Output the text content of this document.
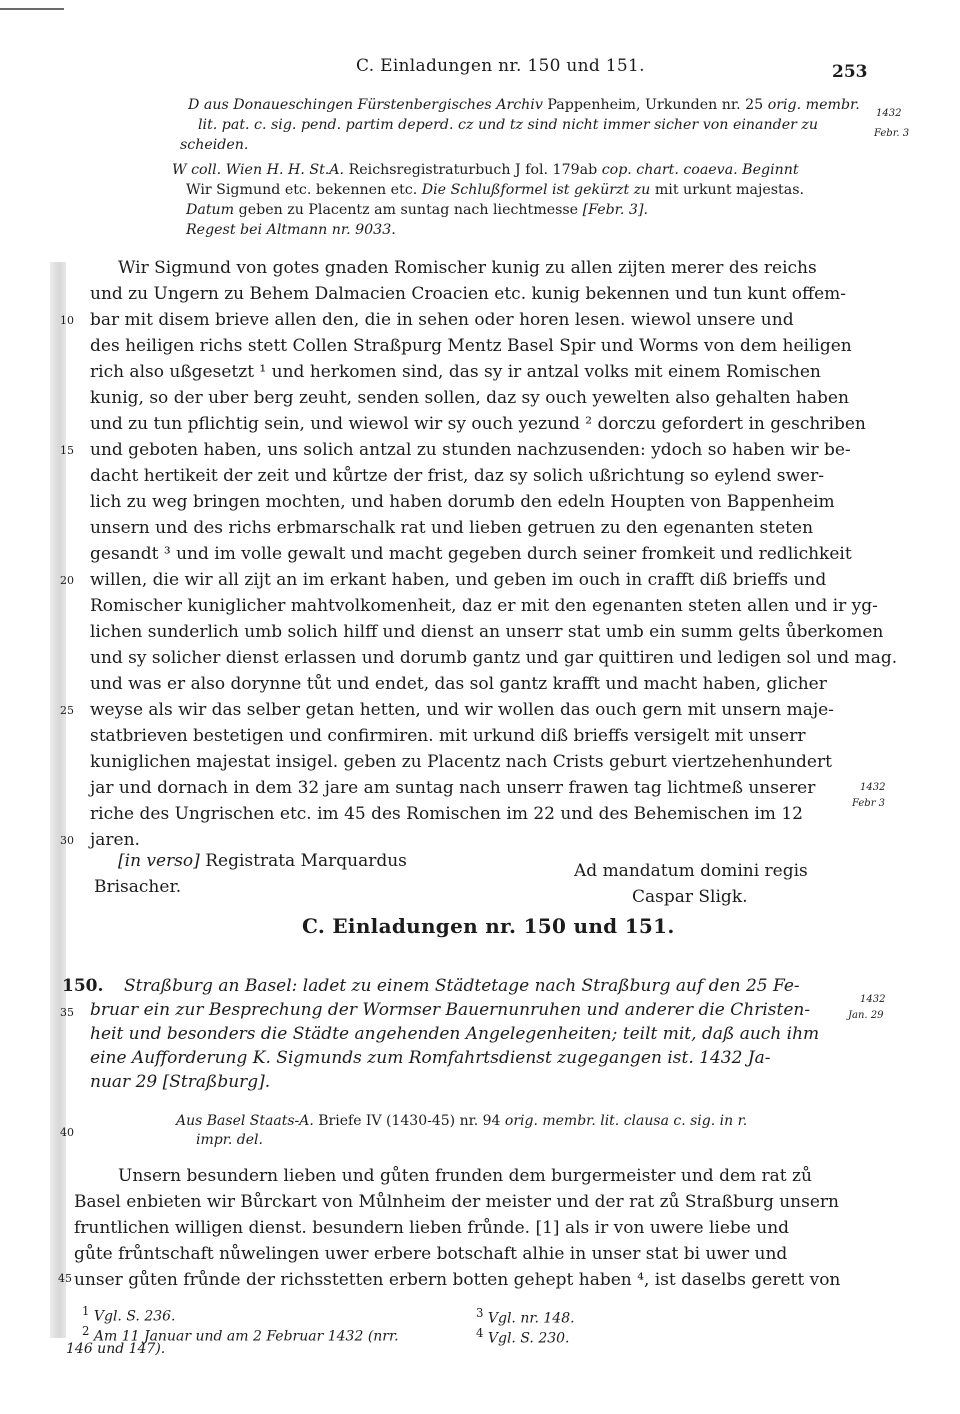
C. Einladungen nr. 150 und 151.	253
D aus Donaueschingen Fürstenbergisches Archiv Pappenheim, Urkunden nr. 25 orig. membr.
lit. pat. c. sig. pend. partim deperd. cz und tz sind nicht immer sicher von einander zu
scheiden.
W coll. Wien H. H. St.A. Reichsregistraturbuch J fol. 179ab cop. chart. coaeva. Beginnt
Wir Sigmund etc. bekennen etc. Die Schlußformel ist gekürzt zu mit urkunt majestas.
Datum geben zu Placentz am suntag nach liechtmesse [Febr. 3].
Regest bei Altmann nr. 9033.
1432
Febr. 3
Wir Sigmund von gotes gnaden Romischer kunig zu allen zijten merer des reichs
und zu Ungern zu Behem Dalmacien Croacien etc. kunig bekennen und tun kunt offem-
10 bar mit disem brieve allen den, die in sehen oder horen lesen. wiewol unsere und
des heiligen richs stett Collen Straßpurg Mentz Basel Spir und Worms von dem heiligen
rich also ußgesetzt ¹ und herkomen sind, das sy ir antzal volks mit einem Romischen
kunig, so der uber berg zeuht, senden sollen, daz sy ouch yewelten also gehalten haben
und zu tun pflichtig sein, und wiewol wir sy ouch yezund ² dorczu gefordert in geschriben
15 und geboten haben, uns solich antzal zu stunden nachzusenden: ydoch so haben wir be-
dacht hertikeit der zeit und kůrtze der frist, daz sy solich ußrichtung so eylend swer-
lich zu weg bringen mochten, und haben dorumb den edeln Houpten von Bappenheim
unsern und des richs erbmarschalk rat und lieben getruen zu den egenanten steten
gesandt ³ und im volle gewalt und macht gegeben durch seiner fromkeit und redlichkeit
20 willen, die wir all zijt an im erkant haben, und geben im ouch in crafft diß brieffs und
Romischer kuniglicher mahtvolkomenheit, daz er mit den egenanten steten allen und ir yg-
lichen sunderlich umb solich hilff und dienst an unserr stat umb ein summ gelts ůberkomen
und sy solicher dienst erlassen und dorumb gantz und gar quittiren und ledigen sol und mag.
und was er also dorynne tůt und endet, das sol gantz krafft und macht haben, glicher
25 weyse als wir das selber getan hetten, und wir wollen das ouch gern mit unsern maje-
statbrieven bestetigen und confirmiren. mit urkund diß brieffs versigelt mit unserr
kuniglichen majestat insigel. geben zu Placentz nach Crists geburt viertzehenhundert
jar und dornach in dem 32 jare am suntag nach unserr frawen tag lichtmeß unserer
riche des Ungrischen etc. im 45 des Romischen im 22 und des Behemischen im 12
30 jaren.
1432
Febr 3
[in verso] Registrata Marquardus
Brisacher.
Ad mandatum domini regis
Caspar Sligk.
C. Einladungen nr. 150 und 151.
150. Straßburg an Basel: ladet zu einem Städtetage nach Straßburg auf den 25 Fe-
35 bruar ein zur Besprechung der Wormser Bauernunruhen und anderer die Christen-
heit und besonders die Städte angehenden Angelegenheiten; teilt mit, daß auch ihm
eine Aufforderung K. Sigmunds zum Romfahrtsdienst zugegangen ist. 1432 Ja-
nuar 29 [Straßburg].
1432
Jan. 29
Aus Basel Staats-A. Briefe IV (1430-45) nr. 94 orig. membr. lit. clausa c. sig. in r.
40	impr. del.
Unsern besundern lieben und gůten frunden dem burgermeister und dem rat zů
Basel enbieten wir Bůrckart von Můlnheim der meister und der rat zů Straßburg unsern
fruntlichen willigen dienst. besundern lieben frůnde. [1] als ir von uwere liebe und
gůte frůntschaft nůwelingen uwer erbere botschaft alhie in unser stat bi uwer und
45 unser gůten frůnde der richsstetten erbern botten gehept haben ⁴, ist daselbs gerett von
$^1$ Vgl. S. 236.
$^2$ Am 11 Januar und am 2 Februar 1432 (nrr.
146 und 147).
$^3$ Vgl. nr. 148.
$^4$ Vgl. S. 230.
